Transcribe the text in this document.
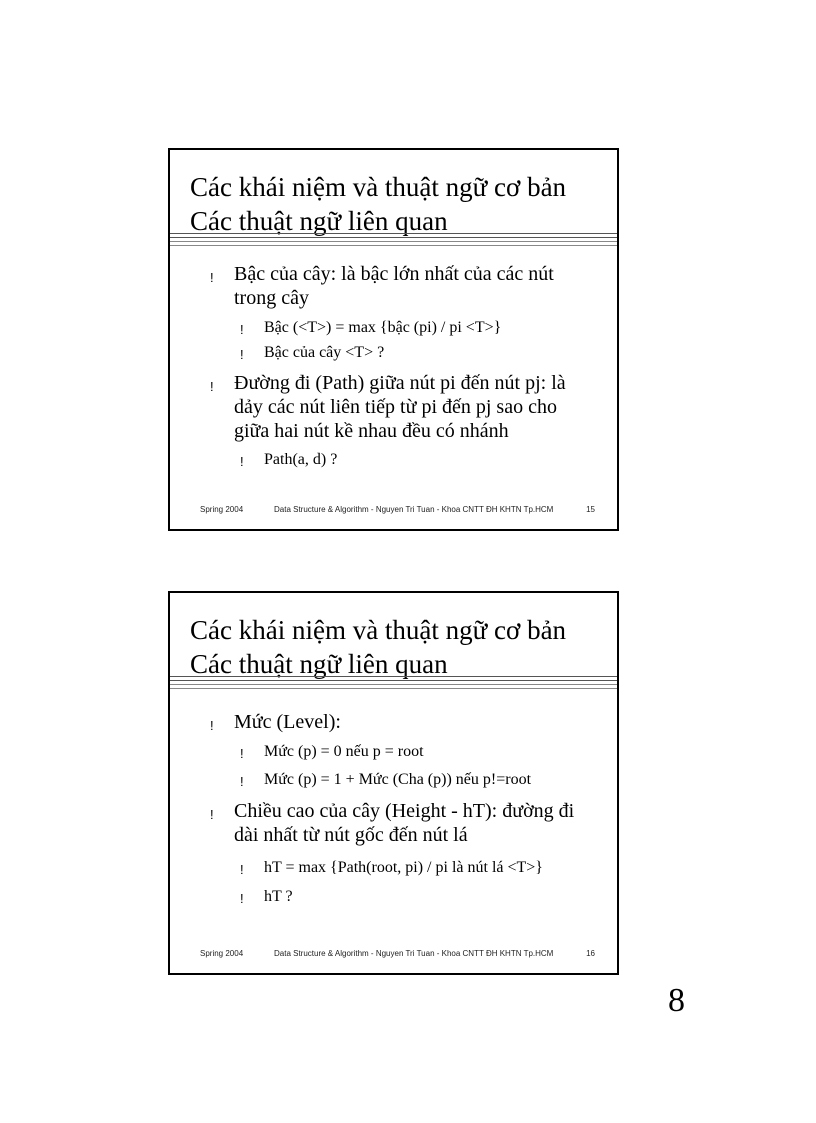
Các khái niệm và thuật ngữ cơ bản
Các thuật ngữ liên quan
! Bậc của cây: là bậc lớn nhất của các nút
trong cây
! Bậc (<T>) = max {bậc (pi) / pi <T>}
! Bậc của cây <T> ?
! Đường đi (Path) giữa nút pi đến nút pj: là
dảy các nút liên tiếp từ pi đến pj sao cho
giữa hai nút kề nhau đều có nhánh
! Path(a, d) ?
Spring 2004	Data Structure & Algorithm - Nguyen Tri Tuan - Khoa CNTT ĐH KHTN Tp.HCM	15
Các khái niệm và thuật ngữ cơ bản
Các thuật ngữ liên quan
! Mức (Level):
! Mức (p) = 0 nếu p = root
! Mức (p) = 1 + Mức (Cha (p)) nếu p!=root
! Chiều cao của cây (Height - hT): đường đi
dài nhất từ nút gốc đến nút lá
! hT = max {Path(root, pi) / pi là nút lá <T>}
! hT ?
Spring 2004	Data Structure & Algorithm - Nguyen Tri Tuan - Khoa CNTT ĐH KHTN Tp.HCM	16
8
